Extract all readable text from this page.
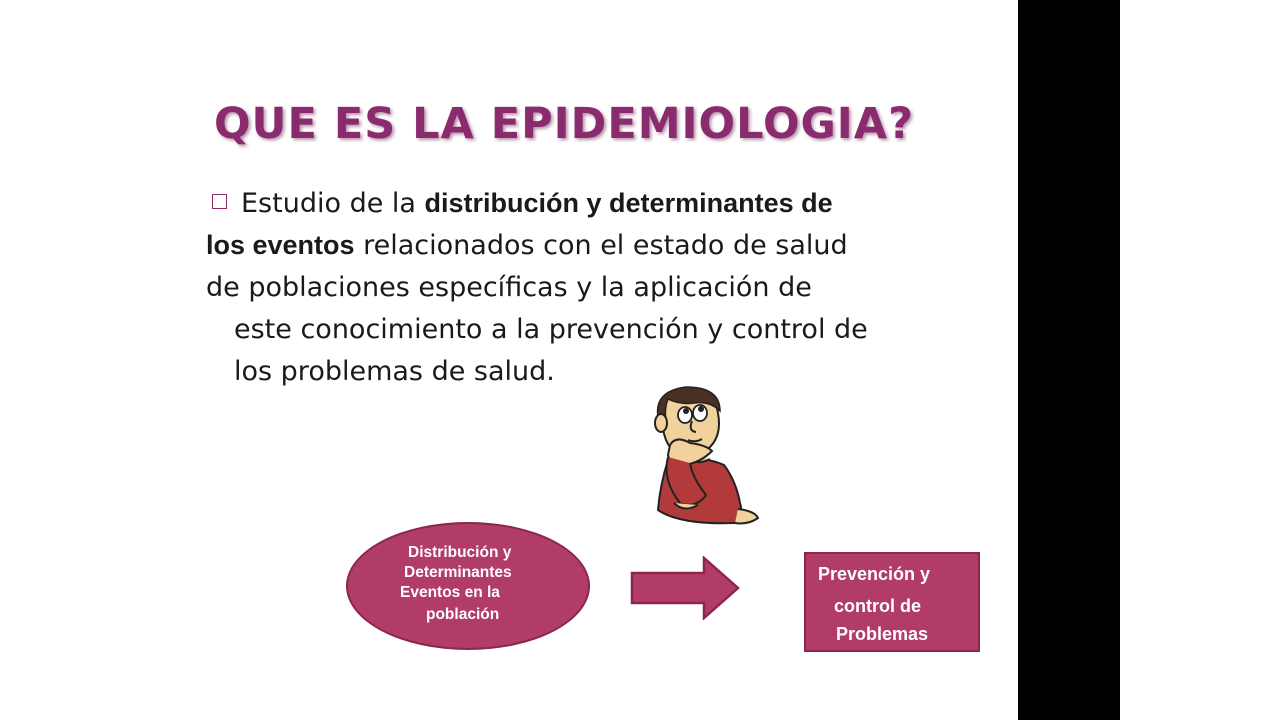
QUE ES LA EPIDEMIOLOGIA?
Estudio de la distribución y determinantes de
los eventos relacionados con el estado de salud
de poblaciones específicas y la aplicación de
este conocimiento a la prevención y control de
los problemas de salud.
Distribución y
Determinantes
Eventos en la
población
Prevención y
control de
Problemas
